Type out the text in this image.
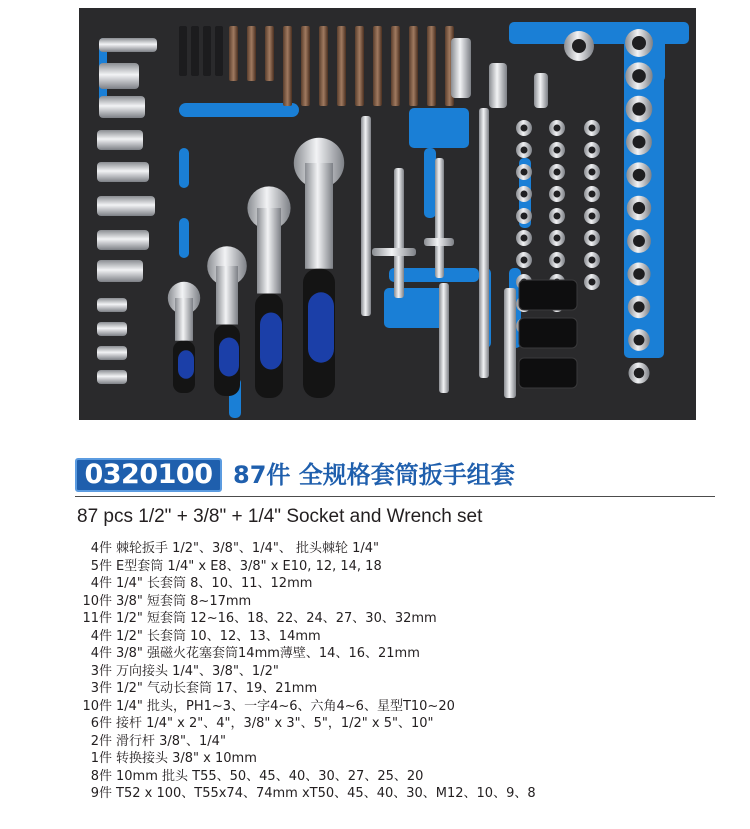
0320100 87件 全规格套筒扳手组套
87 pcs 1/2" + 3/8" + 1/4" Socket and Wrench set
4件 棘轮扳手 1/2"、3/8"、1/4"、 批头棘轮 1/4"
5件 E型套筒 1/4" x E8、3/8" x E10, 12, 14, 18
4件 1/4" 长套筒 8、10、11、12mm
10件 3/8" 短套筒 8~17mm
11件 1/2" 短套筒 12~16、18、22、24、27、30、32mm
4件 1/2" 长套筒 10、12、13、14mm
4件 3/8" 强磁火花塞套筒14mm薄壁、14、16、21mm
3件 万向接头 1/4"、3/8"、1/2"
3件 1/2" 气动长套筒 17、19、21mm
10件 1/4" 批头，PH1~3、一字4~6、六角4~6、星型T10~20
6件 接杆 1/4" x 2"、4"，3/8" x 3"、5"，1/2" x 5"、10"
2件 滑行杆 3/8"、1/4"
1件 转换接头 3/8" x 10mm
8件 10mm 批头 T55、50、45、40、30、27、25、20
9件 T52 x 100、T55x74、74mm xT50、45、40、30、M12、10、9、8
